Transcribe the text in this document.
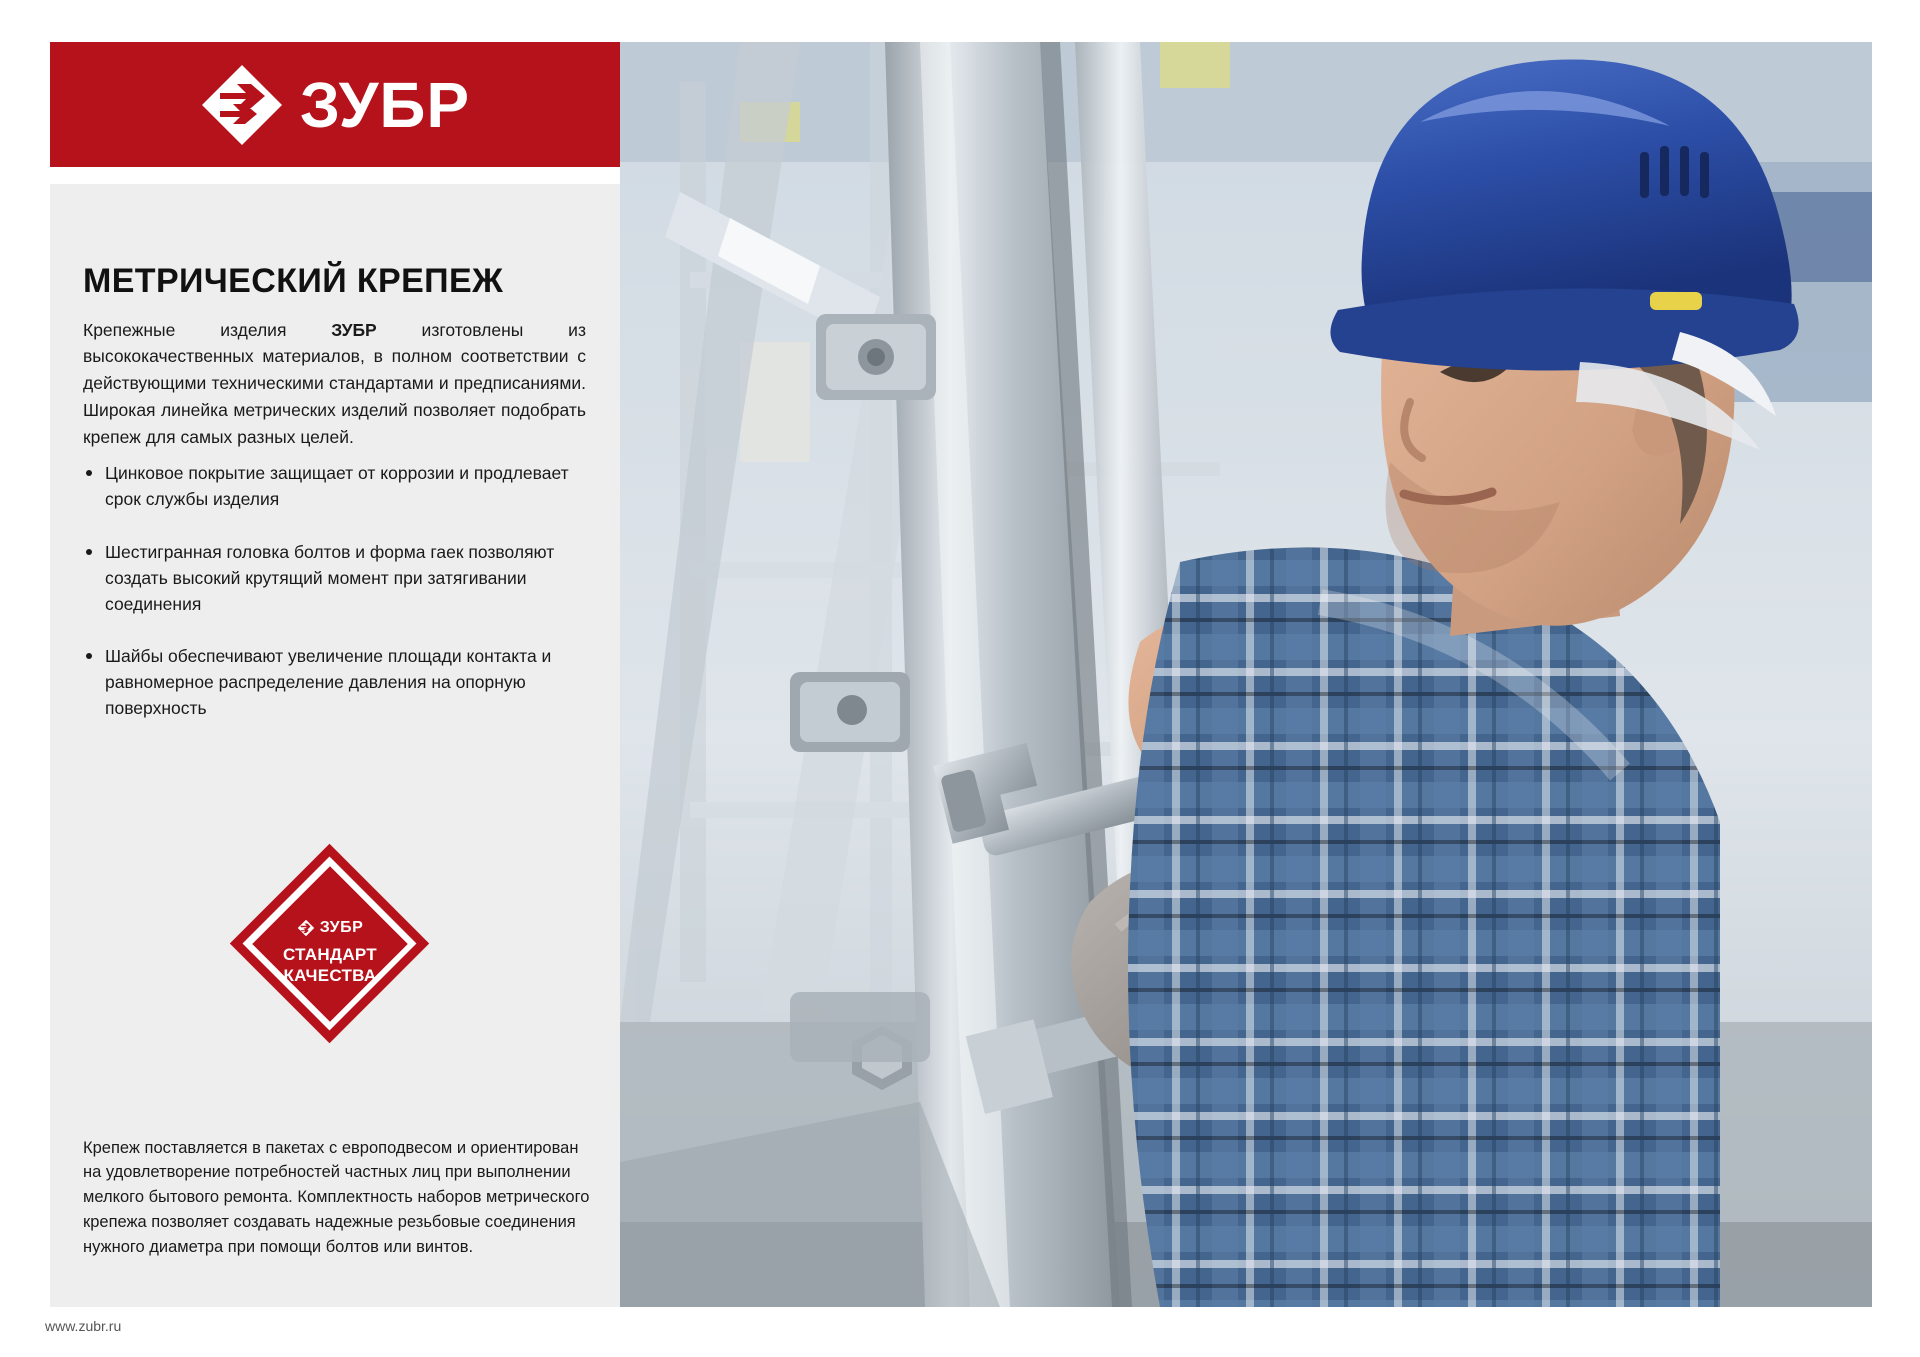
ЗУБР
МЕТРИЧЕСКИЙ КРЕПЕЖ

Крепежные изделия ЗУБР изготовлены из высококачественных материалов, в полном соответствии с действующими техническими стандартами и предписаниями. Широкая линейка метрических изделий позволяет подобрать крепеж для самых разных целей.

Цинковое покрытие защищает от коррозии и продлевает срок службы изделия
Шестигранная головка болтов и форма гаек позволяют создать высокий крутящий момент при затягивании соединения
Шайбы обеспечивают увеличение площади контакта и равномерное распределение давления на опорную поверхность
ЗУБР
СТАНДАРТ
КАЧЕСТВА

Крепеж поставляется в пакетах с европодвесом и ориентирован на удовлетворение потребностей частных лиц при выполнении мелкого бытового ремонта. Комплектность наборов метрического крепежа позволяет создавать надежные резьбовые соединения нужного диаметра при помощи болтов или винтов.

www.zubr.ru
